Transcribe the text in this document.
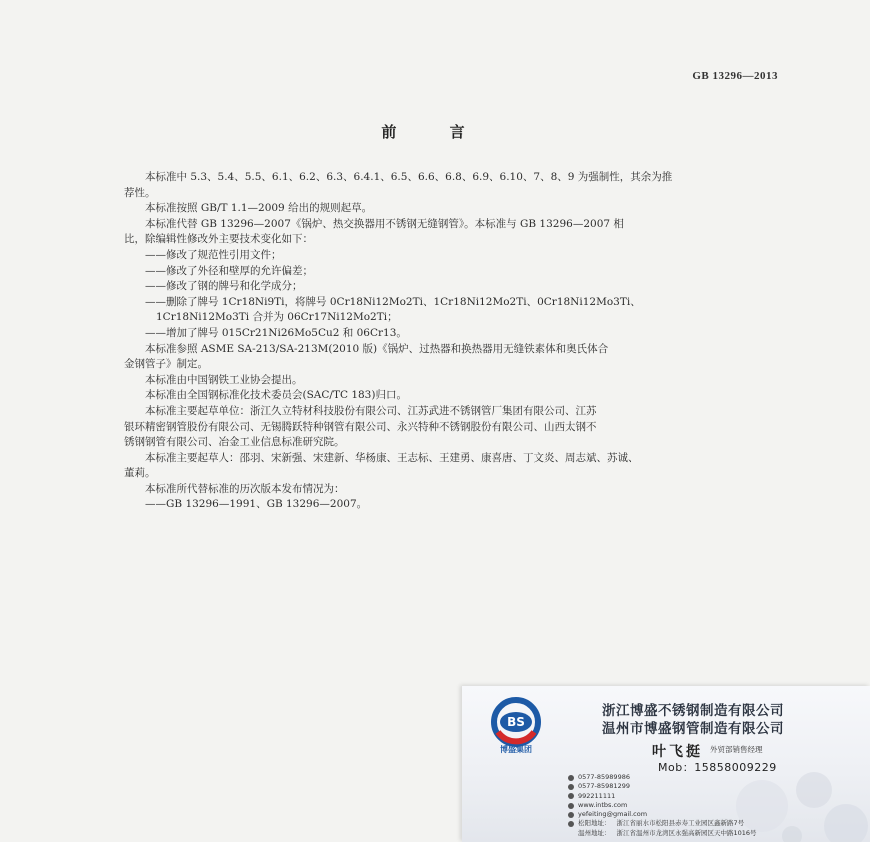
GB 13296—2013
前 言
本标准中 5.3、5.4、5.5、6.1、6.2、6.3、6.4.1、6.5、6.6、6.8、6.9、6.10、7、8、9 为强制性，其余为推
荐性。
本标准按照 GB/T 1.1—2009 给出的规则起草。
本标准代替 GB 13296—2007《锅炉、热交换器用不锈钢无缝钢管》。本标准与 GB 13296—2007 相
比，除编辑性修改外主要技术变化如下：
——修改了规范性引用文件；
——修改了外径和壁厚的允许偏差；
——修改了钢的牌号和化学成分；
——删除了牌号 1Cr18Ni9Ti，将牌号 0Cr18Ni12Mo2Ti、1Cr18Ni12Mo2Ti、0Cr18Ni12Mo3Ti、
1Cr18Ni12Mo3Ti 合并为 06Cr17Ni12Mo2Ti；
——增加了牌号 015Cr21Ni26Mo5Cu2 和 06Cr13。
本标准参照 ASME SA-213/SA-213M(2010 版)《锅炉、过热器和换热器用无缝铁素体和奥氏体合
金钢管子》制定。
本标准由中国钢铁工业协会提出。
本标准由全国钢标准化技术委员会(SAC/TC 183)归口。
本标准主要起草单位：浙江久立特材科技股份有限公司、江苏武进不锈钢管厂集团有限公司、江苏
银环精密钢管股份有限公司、无锡腾跃特种钢管有限公司、永兴特种不锈钢股份有限公司、山西太钢不
锈钢钢管有限公司、冶金工业信息标准研究院。
本标准主要起草人：邵羽、宋新强、宋建新、华杨康、王志标、王建勇、康喜唐、丁文炎、周志斌、苏诚、
董莉。
本标准所代替标准的历次版本发布情况为：
——GB 13296—1991、GB 13296—2007。
BS
博盛集团
浙江博盛不锈钢制造有限公司
温州市博盛钢管制造有限公司
叶飞挺 外贸部销售经理
Mob：15858009229
0577-85989986
0577-85981299
992211111
www.intbs.com
yefeiting@gmail.com
松阳地址： 浙江省丽水市松阳县赤寿工业园区鑫新路7号
温州地址： 浙江省温州市龙湾区永强高新园区天中路1016号
